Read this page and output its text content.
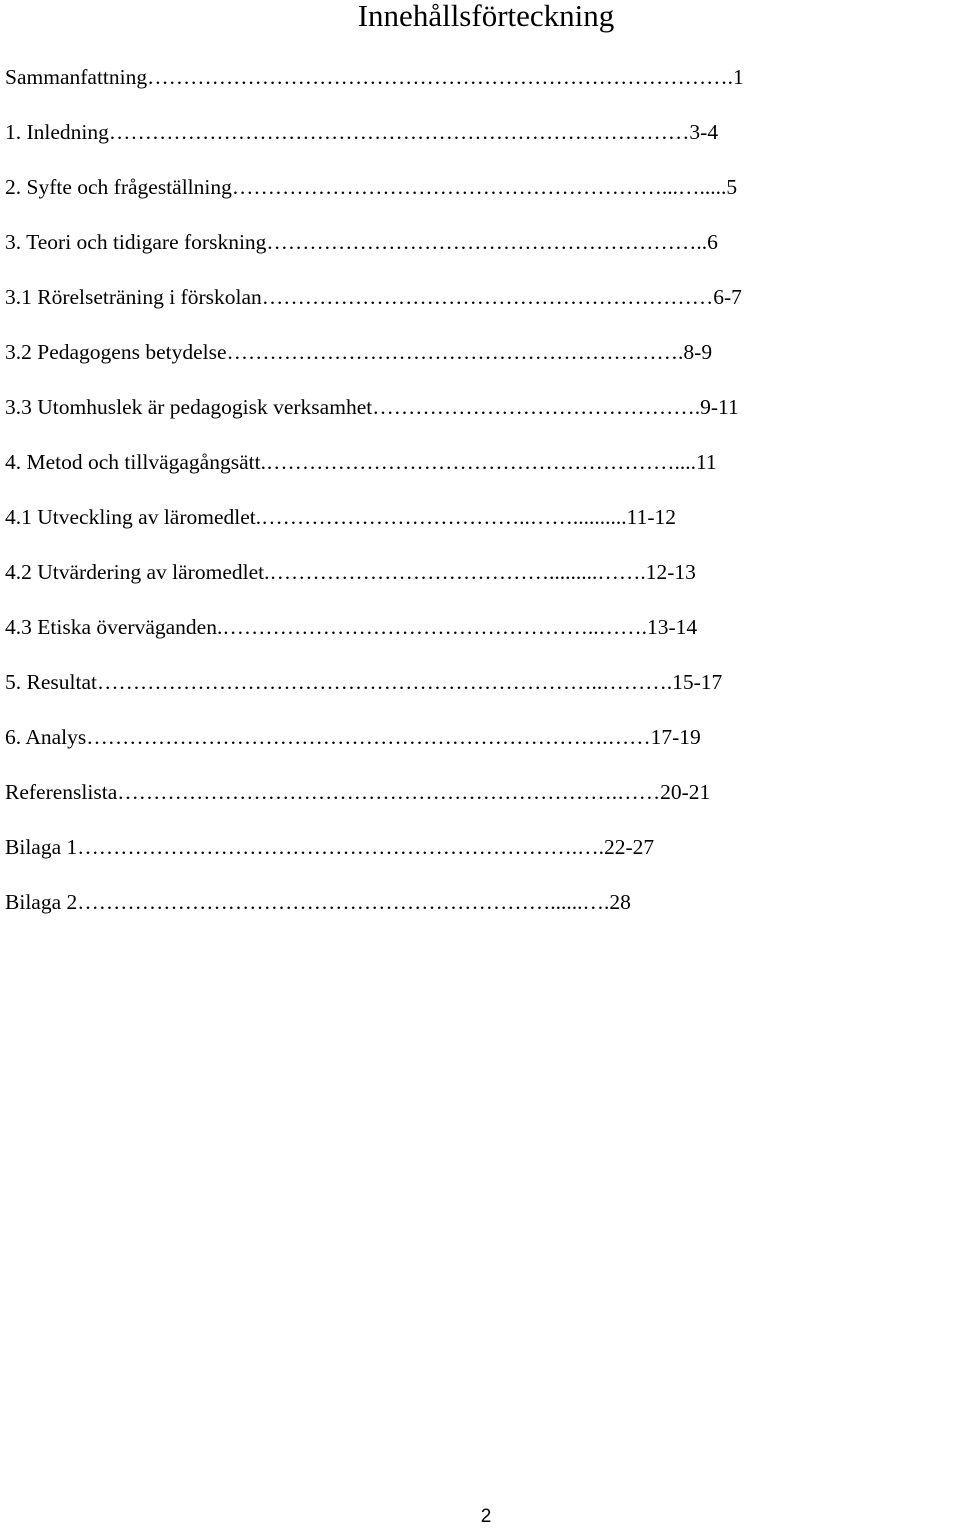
Innehållsförteckning
Sammanfattning……………………………………………………………………….1
1. Inledning………………………………………………………………………3-4
2. Syfte och frågeställning……………………………………………………...….....5
3. Teori och tidigare forskning……………………………………………………..6
3.1 Rörelseträning i förskolan………………………………………………………6-7
3.2 Pedagogens betydelse……………………………………………………….8-9
3.3 Utomhuslek är pedagogisk verksamhet……………………………………….9-11
4. Metod och tillvägagångsätt.…………………………………………………....11
4.1 Utveckling av läromedlet.………………………………..……..........11-12
4.2 Utvärdering av läromedlet.………………………………….........…….12-13
4.3 Etiska överväganden.……………………………………………..…….13-14
5. Resultat……………………………………………………………..……….15-17
6. Analys……………………………………………………………….……17-19
Referenslista…………………………………………………………….……20-21
Bilaga 1…………………………………………………………….….22-27
Bilaga 2…………………………………………………………......….28
2
